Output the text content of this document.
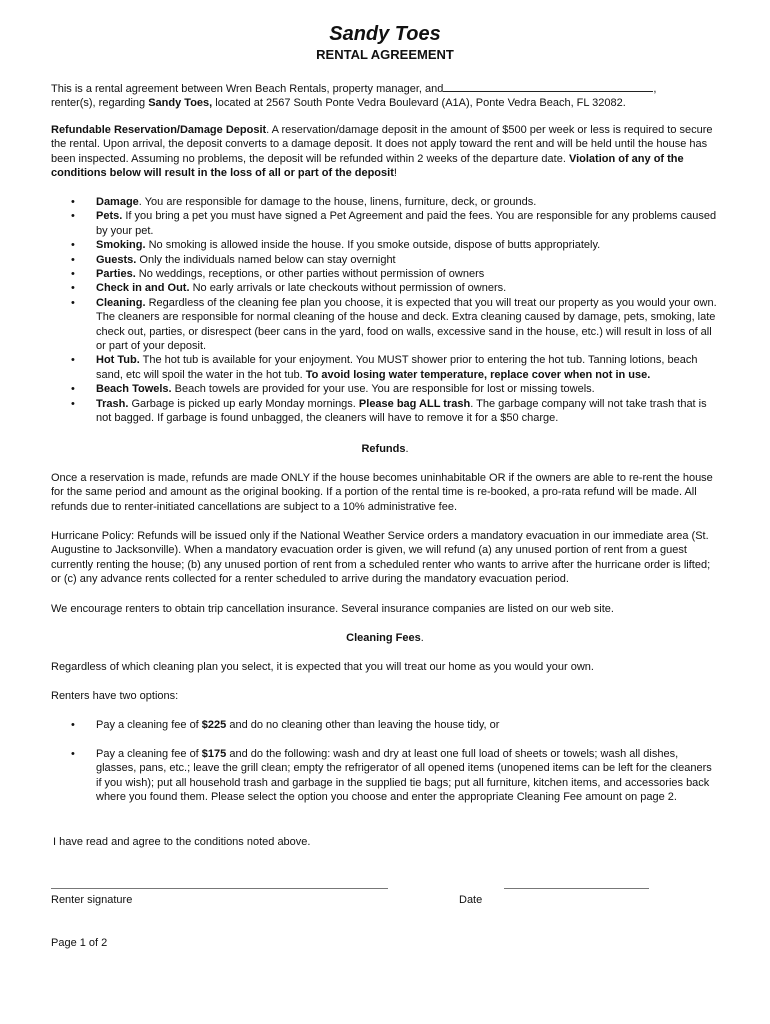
Sandy Toes
RENTAL AGREEMENT

This is a rental agreement between Wren Beach Rentals, property manager, and	,
renter(s), regarding Sandy Toes, located at 2567 South Ponte Vedra Boulevard (A1A), Ponte Vedra Beach, FL 32082.

Refundable Reservation/Damage Deposit. A reservation/damage deposit in the amount of $500 per week or less is required to secure the rental. Upon arrival, the deposit converts to a damage deposit. It does not apply toward the rent and will be held until the house has been inspected. Assuming no problems, the deposit will be refunded within 2 weeks of the departure date. Violation of any of the conditions below will result in the loss of all or part of the deposit!

• Damage. You are responsible for damage to the house, linens, furniture, deck, or grounds.
• Pets. If you bring a pet you must have signed a Pet Agreement and paid the fees. You are responsible for any problems caused by your pet.
• Smoking. No smoking is allowed inside the house. If you smoke outside, dispose of butts appropriately.
• Guests. Only the individuals named below can stay overnight
• Parties. No weddings, receptions, or other parties without permission of owners
• Check in and Out. No early arrivals or late checkouts without permission of owners.
• Cleaning. Regardless of the cleaning fee plan you choose, it is expected that you will treat our property as you would your own. The cleaners are responsible for normal cleaning of the house and deck. Extra cleaning caused by damage, pets, smoking, late check out, parties, or disrespect (beer cans in the yard, food on walls, excessive sand in the house, etc.) will result in loss of all or part of your deposit.
• Hot Tub. The hot tub is available for your enjoyment. You MUST shower prior to entering the hot tub. Tanning lotions, beach sand, etc will spoil the water in the hot tub. To avoid losing water temperature, replace cover when not in use.
• Beach Towels. Beach towels are provided for your use. You are responsible for lost or missing towels.
• Trash. Garbage is picked up early Monday mornings. Please bag ALL trash. The garbage company will not take trash that is not bagged. If garbage is found unbagged, the cleaners will have to remove it for a $50 charge.

Refunds.

Once a reservation is made, refunds are made ONLY if the house becomes uninhabitable OR if the owners are able to re-rent the house for the same period and amount as the original booking. If a portion of the rental time is re-booked, a pro-rata refund will be made. All refunds due to renter-initiated cancellations are subject to a 10% administrative fee.

Hurricane Policy: Refunds will be issued only if the National Weather Service orders a mandatory evacuation in our immediate area (St. Augustine to Jacksonville). When a mandatory evacuation order is given, we will refund (a) any unused portion of rent from a guest currently renting the house; (b) any unused portion of rent from a scheduled renter who wants to arrive after the hurricane order is lifted; or (c) any advance rents collected for a renter scheduled to arrive during the mandatory evacuation period.

We encourage renters to obtain trip cancellation insurance. Several insurance companies are listed on our web site.

Cleaning Fees.

Regardless of which cleaning plan you select, it is expected that you will treat our home as you would your own.

Renters have two options:

• Pay a cleaning fee of $225 and do no cleaning other than leaving the house tidy, or
• Pay a cleaning fee of $175 and do the following: wash and dry at least one full load of sheets or towels; wash all dishes, glasses, pans, etc.; leave the grill clean; empty the refrigerator of all opened items (unopened items can be left for the cleaners if you wish); put all household trash and garbage in the supplied tie bags; put all furniture, kitchen items, and accessories back where you found them. Please select the option you choose and enter the appropriate Cleaning Fee amount on page 2.

I have read and agree to the conditions noted above.

Renter signature	Date

Page 1 of 2
